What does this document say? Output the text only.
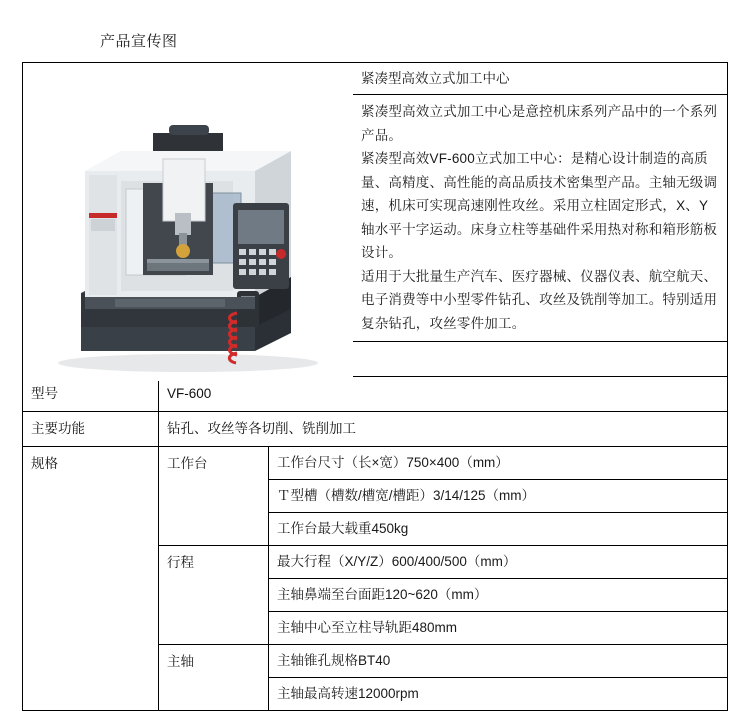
产品宣传图
紧凑型高效立式加工中心

紧凑型高效立式加工中心是意控机床系列产品中的一个系列产品。

紧凑型高效VF-600立式加工中心：是精心设计制造的高质量、高精度、高性能的高品质技术密集型产品。主轴无级调速，机床可实现高速刚性攻丝。采用立柱固定形式，X、Y轴水平十字运动。床身立柱等基础件采用热对称和箱形筋板设计。

适用于大批量生产汽车、医疗器械、仪器仪表、航空航天、电子消费等中小型零件钻孔、攻丝及铣削等加工。特别适用复杂钻孔，攻丝零件加工。

型号	VF-600
主要功能	钻孔、攻丝等各切削、铣削加工
规格	工作台	工作台尺寸（长×宽）750×400（mm）
Ｔ型槽（槽数/槽宽/槽距）3/14/125（mm）
工作台最大载重450kg
行程	最大行程（X/Y/Z）600/400/500（mm）
主轴鼻端至台面距120~620（mm）
主轴中心至立柱导轨距480mm
主轴	主轴锥孔规格BT40
主轴最高转速12000rpm
